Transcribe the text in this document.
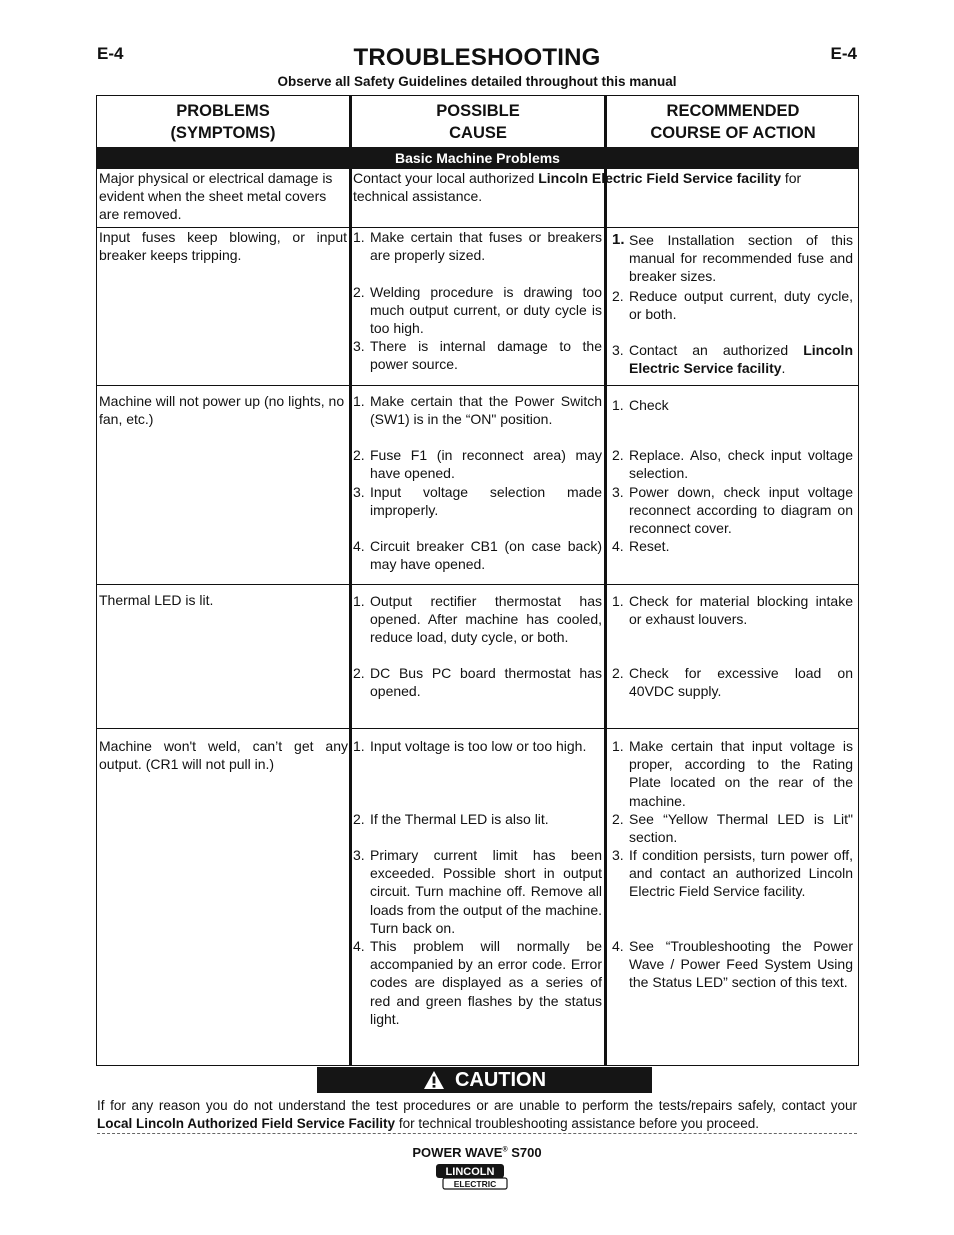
E-4	E-4
TROUBLESHOOTING
Observe all Safety Guidelines detailed throughout this manual
PROBLEMS
(SYMPTOMS)
POSSIBLE
CAUSE
RECOMMENDED
COURSE OF ACTION
Basic Machine Problems
Major physical or electrical damage is evident when the sheet metal covers are removed.
Contact your local authorized Lincoln Electric Field Service facility for technical assistance.
Input fuses keep blowing, or input breaker keeps tripping.
1. Make certain that fuses or breakers are properly sized.
2. Welding procedure is drawing too much output current, or duty cycle is too high.
3. There is internal damage to the power source.
1. See Installation section of this manual for recommended fuse and breaker sizes.
2. Reduce output current, duty cycle, or both.
3. Contact an authorized Lincoln Electric Service facility.
Machine will not power up (no lights, no fan, etc.)
1. Make certain that the Power Switch (SW1) is in the “ON" position.
2. Fuse F1 (in reconnect area) may have opened.
3. Input voltage selection made improperly.
4. Circuit breaker CB1 (on case back) may have opened.
1. Check
2. Replace. Also, check input voltage selection.
3. Power down, check input voltage reconnect according to diagram on reconnect cover.
4. Reset.
Thermal LED is lit.	1. Output rectifier thermostat has opened. After machine has cooled, reduce load, duty cycle, or both.
2. DC Bus PC board thermostat has opened.
1. Check for material blocking intake or exhaust louvers.
2. Check for excessive load on 40VDC supply.
Machine won't weld, can’t get any output. (CR1 will not pull in.)
1. Input voltage is too low or too high.
2. If the Thermal LED is also lit.
3. Primary current limit has been exceeded. Possible short in output circuit. Turn machine off. Remove all loads from the output of the machine. Turn back on.
4. This problem will normally be accompanied by an error code. Error codes are displayed as a series of red and green flashes by the status light.
1. Make certain that input voltage is proper, according to the Rating Plate located on the rear of the machine.
2. See “Yellow Thermal LED is Lit" section.
3. If condition persists, turn power off, and contact an authorized Lincoln Electric Field Service facility.
4. See “Troubleshooting the Power Wave / Power Feed System Using the Status LED” section of this text.
CAUTION
If for any reason you do not understand the test procedures or are unable to perform the tests/repairs safely, contact your Local Lincoln Authorized Field Service Facility for technical troubleshooting assistance before you proceed.
POWER WAVE® S700
LINCOLN
ELECTRIC
